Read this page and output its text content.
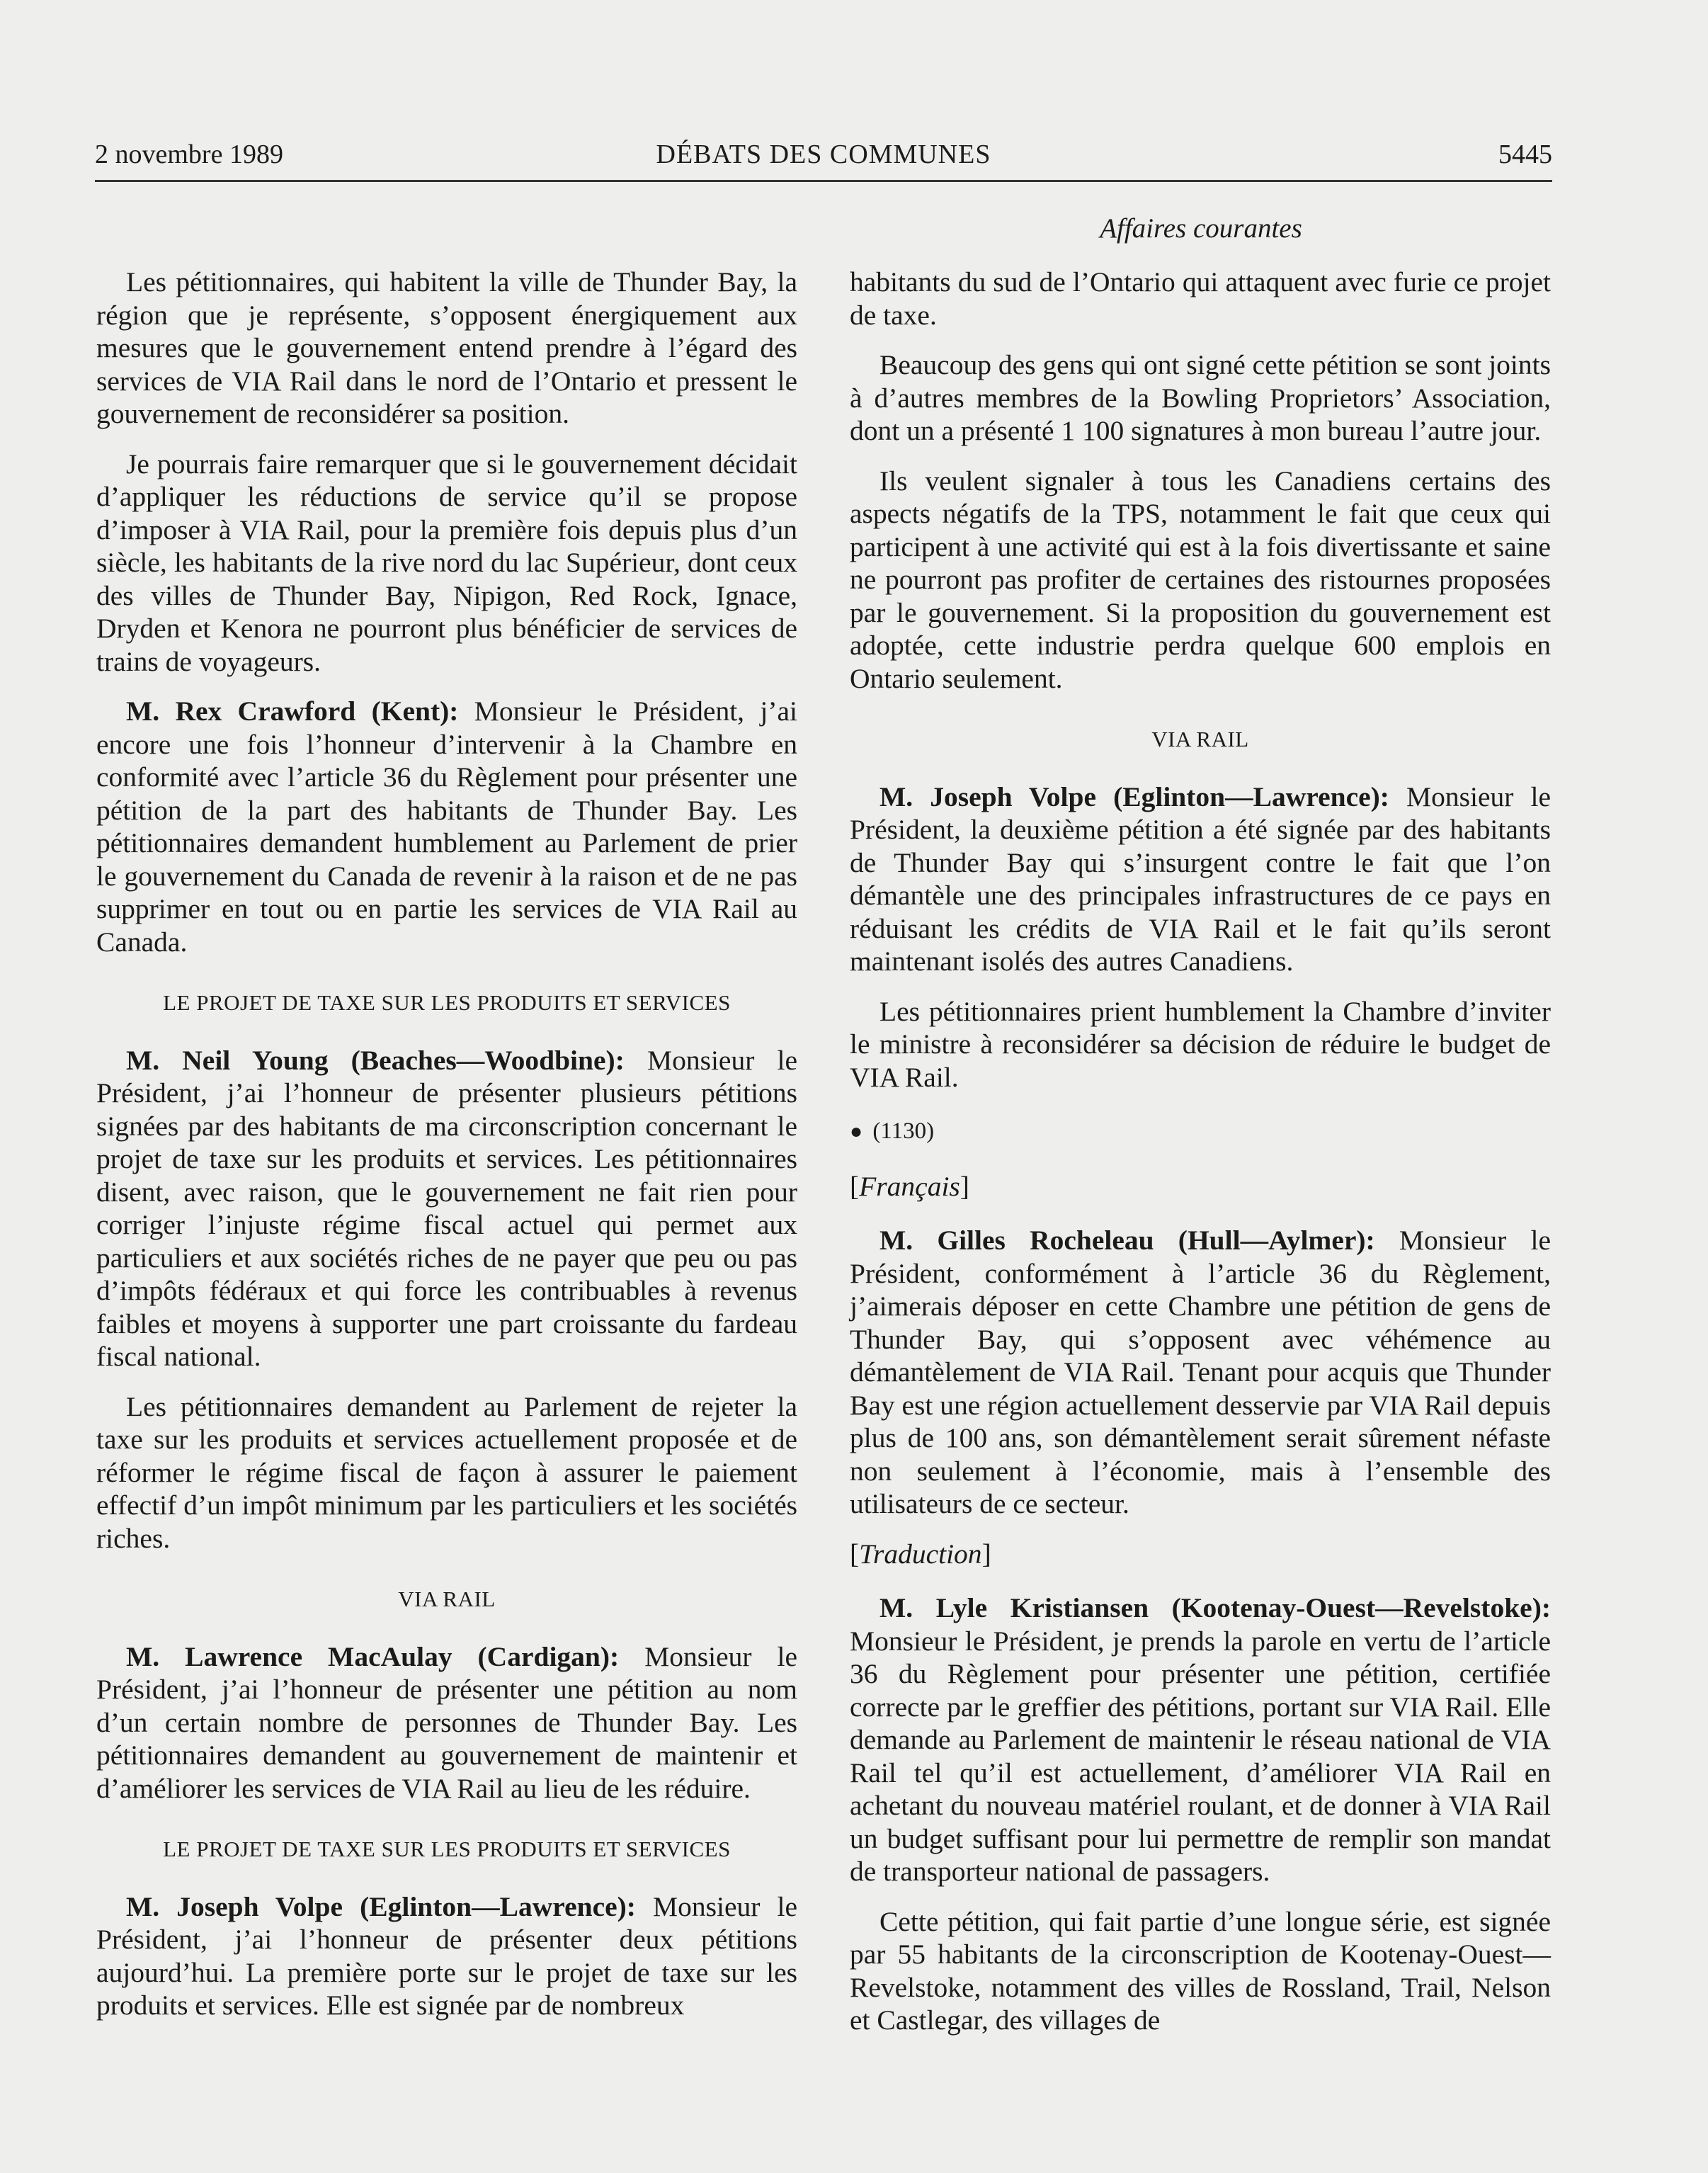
2 novembre 1989	DÉBATS DES COMMUNES	5445
Affaires courantes

Les pétitionnaires, qui habitent la ville de Thunder Bay, la région que je représente, s’opposent énergiquement aux mesures que le gouvernement entend prendre à l’égard des services de VIA Rail dans le nord de l’Ontario et pressent le gouvernement de reconsidérer sa position.

Je pourrais faire remarquer que si le gouvernement décidait d’appliquer les réductions de service qu’il se propose d’imposer à VIA Rail, pour la première fois depuis plus d’un siècle, les habitants de la rive nord du lac Supérieur, dont ceux des villes de Thunder Bay, Nipigon, Red Rock, Ignace, Dryden et Kenora ne pourront plus bénéficier de services de trains de voyageurs.

M. Rex Crawford (Kent): Monsieur le Président, j’ai encore une fois l’honneur d’intervenir à la Chambre en conformité avec l’article 36 du Règlement pour présenter une pétition de la part des habitants de Thunder Bay. Les pétitionnaires demandent humblement au Parlement de prier le gouvernement du Canada de revenir à la raison et de ne pas supprimer en tout ou en partie les services de VIA Rail au Canada.

LE PROJET DE TAXE SUR LES PRODUITS ET SERVICES

M. Neil Young (Beaches—Woodbine): Monsieur le Président, j’ai l’honneur de présenter plusieurs pétitions signées par des habitants de ma circonscription concernant le projet de taxe sur les produits et services. Les pétitionnaires disent, avec raison, que le gouvernement ne fait rien pour corriger l’injuste régime fiscal actuel qui permet aux particuliers et aux sociétés riches de ne payer que peu ou pas d’impôts fédéraux et qui force les contribuables à revenus faibles et moyens à supporter une part croissante du fardeau fiscal national.

Les pétitionnaires demandent au Parlement de rejeter la taxe sur les produits et services actuellement proposée et de réformer le régime fiscal de façon à assurer le paiement effectif d’un impôt minimum par les particuliers et les sociétés riches.

VIA RAIL

M. Lawrence MacAulay (Cardigan): Monsieur le Président, j’ai l’honneur de présenter une pétition au nom d’un certain nombre de personnes de Thunder Bay. Les pétitionnaires demandent au gouvernement de maintenir et d’améliorer les services de VIA Rail au lieu de les réduire.

LE PROJET DE TAXE SUR LES PRODUITS ET SERVICES

M. Joseph Volpe (Eglinton—Lawrence): Monsieur le Président, j’ai l’honneur de présenter deux pétitions aujourd’hui. La première porte sur le projet de taxe sur les produits et services. Elle est signée par de nombreux

habitants du sud de l’Ontario qui attaquent avec furie ce projet de taxe.

Beaucoup des gens qui ont signé cette pétition se sont joints à d’autres membres de la Bowling Proprietors’ Association, dont un a présenté 1 100 signatures à mon bureau l’autre jour.

Ils veulent signaler à tous les Canadiens certains des aspects négatifs de la TPS, notamment le fait que ceux qui participent à une activité qui est à la fois divertissante et saine ne pourront pas profiter de certaines des ristournes proposées par le gouvernement. Si la proposition du gouvernement est adoptée, cette industrie perdra quelque 600 emplois en Ontario seulement.

VIA RAIL

M. Joseph Volpe (Eglinton—Lawrence): Monsieur le Président, la deuxième pétition a été signée par des habitants de Thunder Bay qui s’insurgent contre le fait que l’on démantèle une des principales infrastructures de ce pays en réduisant les crédits de VIA Rail et le fait qu’ils seront maintenant isolés des autres Canadiens.

Les pétitionnaires prient humblement la Chambre d’inviter le ministre à reconsidérer sa décision de réduire le budget de VIA Rail.

● (1130)
[Français]

M. Gilles Rocheleau (Hull—Aylmer): Monsieur le Président, conformément à l’article 36 du Règlement, j’aimerais déposer en cette Chambre une pétition de gens de Thunder Bay, qui s’opposent avec véhémence au démantèlement de VIA Rail. Tenant pour acquis que Thunder Bay est une région actuellement desservie par VIA Rail depuis plus de 100 ans, son démantèlement serait sûrement néfaste non seulement à l’économie, mais à l’ensemble des utilisateurs de ce secteur.

[Traduction]

M. Lyle Kristiansen (Kootenay-Ouest—Revelstoke): Monsieur le Président, je prends la parole en vertu de l’article 36 du Règlement pour présenter une pétition, certifiée correcte par le greffier des pétitions, portant sur VIA Rail. Elle demande au Parlement de maintenir le réseau national de VIA Rail tel qu’il est actuellement, d’améliorer VIA Rail en achetant du nouveau matériel roulant, et de donner à VIA Rail un budget suffisant pour lui permettre de remplir son mandat de transporteur national de passagers.

Cette pétition, qui fait partie d’une longue série, est signée par 55 habitants de la circonscription de Kootenay-Ouest—Revelstoke, notamment des villes de Rossland, Trail, Nelson et Castlegar, des villages de
